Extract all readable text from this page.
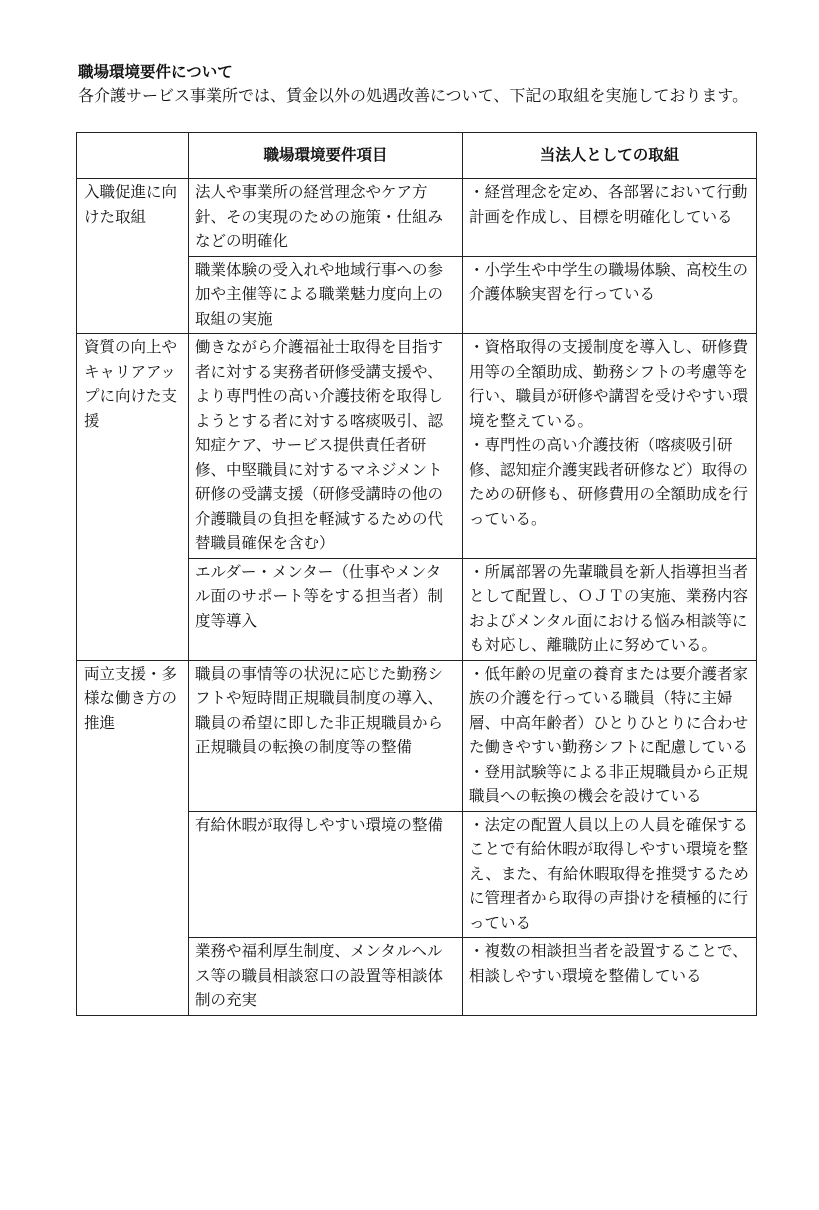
職場環境要件について
各介護サービス事業所では、賃金以外の処遇改善について、下記の取組を実施しております。
	職場環境要件項目	当法人としての取組
入職促進に向けた取組	法人や事業所の経営理念やケア方針、その実現のための施策・仕組みなどの明確化	・経営理念を定め、各部署において行動計画を作成し、目標を明確化している
	職業体験の受入れや地域行事への参加や主催等による職業魅力度向上の取組の実施	・小学生や中学生の職場体験、高校生の介護体験実習を行っている
資質の向上やキャリアアップに向けた支援	働きながら介護福祉士取得を目指す者に対する実務者研修受講支援や、より専門性の高い介護技術を取得しようとする者に対する喀痰吸引、認知症ケア、サービス提供責任者研修、中堅職員に対するマネジメント研修の受講支援（研修受講時の他の介護職員の負担を軽減するための代替職員確保を含む）	・資格取得の支援制度を導入し、研修費用等の全額助成、勤務シフトの考慮等を行い、職員が研修や講習を受けやすい環境を整えている。
・専門性の高い介護技術（喀痰吸引研修、認知症介護実践者研修など）取得のための研修も、研修費用の全額助成を行っている。
	エルダー・メンター（仕事やメンタル面のサポート等をする担当者）制度等導入	・所属部署の先輩職員を新人指導担当者として配置し、ＯＪＴの実施、業務内容およびメンタル面における悩み相談等にも対応し、離職防止に努めている。
両立支援・多様な働き方の推進	職員の事情等の状況に応じた勤務シフトや短時間正規職員制度の導入、職員の希望に即した非正規職員から正規職員の転換の制度等の整備	・低年齢の児童の養育または要介護者家族の介護を行っている職員（特に主婦層、中高年齢者）ひとりひとりに合わせた働きやすい勤務シフトに配慮している
・登用試験等による非正規職員から正規職員への転換の機会を設けている
	有給休暇が取得しやすい環境の整備	・法定の配置人員以上の人員を確保することで有給休暇が取得しやすい環境を整え、また、有給休暇取得を推奨するために管理者から取得の声掛けを積極的に行っている
	業務や福利厚生制度、メンタルヘルス等の職員相談窓口の設置等相談体制の充実	・複数の相談担当者を設置することで、相談しやすい環境を整備している
